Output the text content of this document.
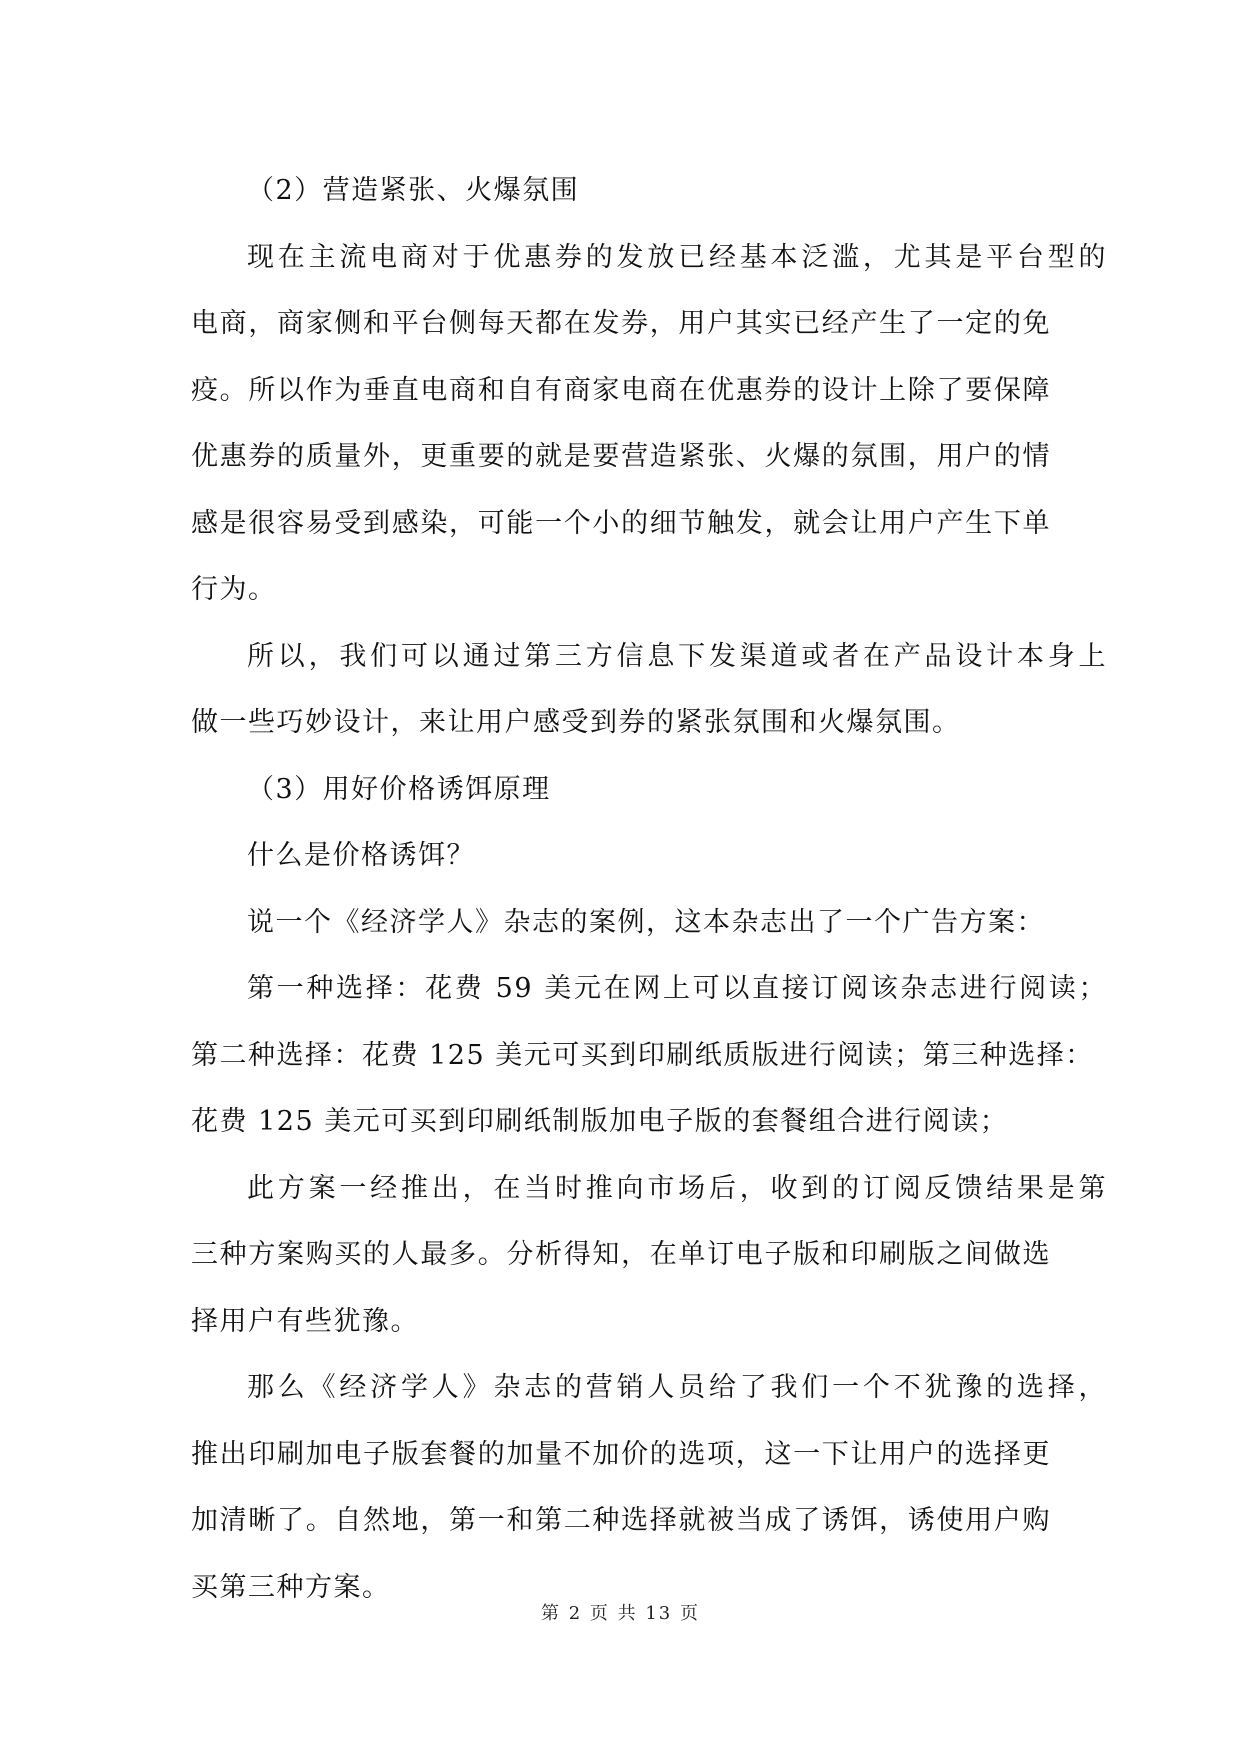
（2）营造紧张、火爆氛围
现在主流电商对于优惠券的发放已经基本泛滥，尤其是平台型的
电商，商家侧和平台侧每天都在发券，用户其实已经产生了一定的免
疫。所以作为垂直电商和自有商家电商在优惠券的设计上除了要保障
优惠券的质量外，更重要的就是要营造紧张、火爆的氛围，用户的情
感是很容易受到感染，可能一个小的细节触发，就会让用户产生下单
行为。
所以，我们可以通过第三方信息下发渠道或者在产品设计本身上
做一些巧妙设计，来让用户感受到券的紧张氛围和火爆氛围。
（3）用好价格诱饵原理
什么是价格诱饵？
说一个《经济学人》杂志的案例，这本杂志出了一个广告方案：
第一种选择：花费 59 美元在网上可以直接订阅该杂志进行阅读；
第二种选择：花费 125 美元可买到印刷纸质版进行阅读；第三种选择：
花费 125 美元可买到印刷纸制版加电子版的套餐组合进行阅读；
此方案一经推出，在当时推向市场后，收到的订阅反馈结果是第
三种方案购买的人最多。分析得知，在单订电子版和印刷版之间做选
择用户有些犹豫。
那么《经济学人》杂志的营销人员给了我们一个不犹豫的选择，
推出印刷加电子版套餐的加量不加价的选项，这一下让用户的选择更
加清晰了。自然地，第一和第二种选择就被当成了诱饵，诱使用户购
买第三种方案。
第 2 页 共 13 页
